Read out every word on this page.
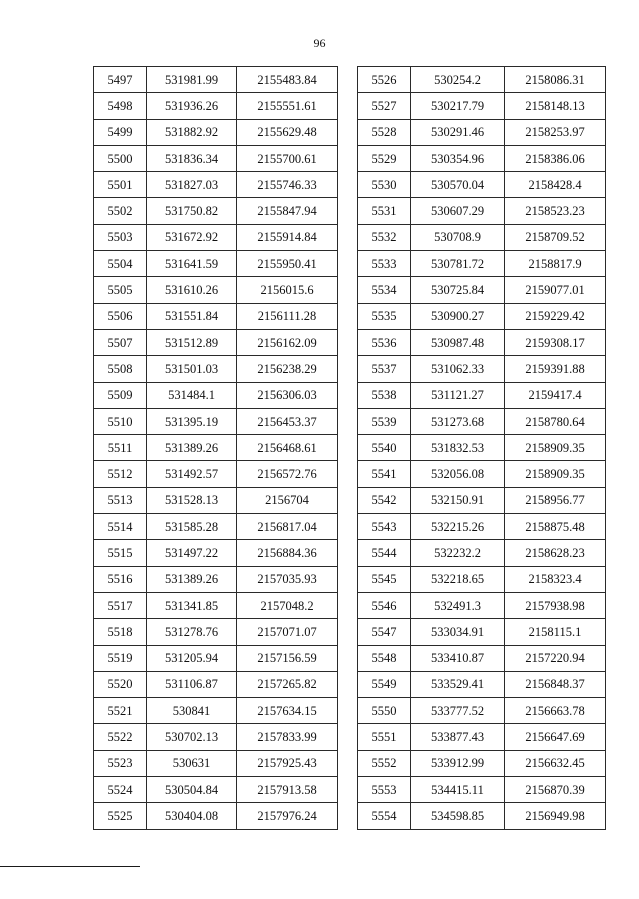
96
5497	531981.99	2155483.84
5498	531936.26	2155551.61
5499	531882.92	2155629.48
5500	531836.34	2155700.61
5501	531827.03	2155746.33
5502	531750.82	2155847.94
5503	531672.92	2155914.84
5504	531641.59	2155950.41
5505	531610.26	2156015.6
5506	531551.84	2156111.28
5507	531512.89	2156162.09
5508	531501.03	2156238.29
5509	531484.1	2156306.03
5510	531395.19	2156453.37
5511	531389.26	2156468.61
5512	531492.57	2156572.76
5513	531528.13	2156704
5514	531585.28	2156817.04
5515	531497.22	2156884.36
5516	531389.26	2157035.93
5517	531341.85	2157048.2
5518	531278.76	2157071.07
5519	531205.94	2157156.59
5520	531106.87	2157265.82
5521	530841	2157634.15
5522	530702.13	2157833.99
5523	530631	2157925.43
5524	530504.84	2157913.58
5525	530404.08	2157976.24
5526	530254.2	2158086.31
5527	530217.79	2158148.13
5528	530291.46	2158253.97
5529	530354.96	2158386.06
5530	530570.04	2158428.4
5531	530607.29	2158523.23
5532	530708.9	2158709.52
5533	530781.72	2158817.9
5534	530725.84	2159077.01
5535	530900.27	2159229.42
5536	530987.48	2159308.17
5537	531062.33	2159391.88
5538	531121.27	2159417.4
5539	531273.68	2158780.64
5540	531832.53	2158909.35
5541	532056.08	2158909.35
5542	532150.91	2158956.77
5543	532215.26	2158875.48
5544	532232.2	2158628.23
5545	532218.65	2158323.4
5546	532491.3	2157938.98
5547	533034.91	2158115.1
5548	533410.87	2157220.94
5549	533529.41	2156848.37
5550	533777.52	2156663.78
5551	533877.43	2156647.69
5552	533912.99	2156632.45
5553	534415.11	2156870.39
5554	534598.85	2156949.98
